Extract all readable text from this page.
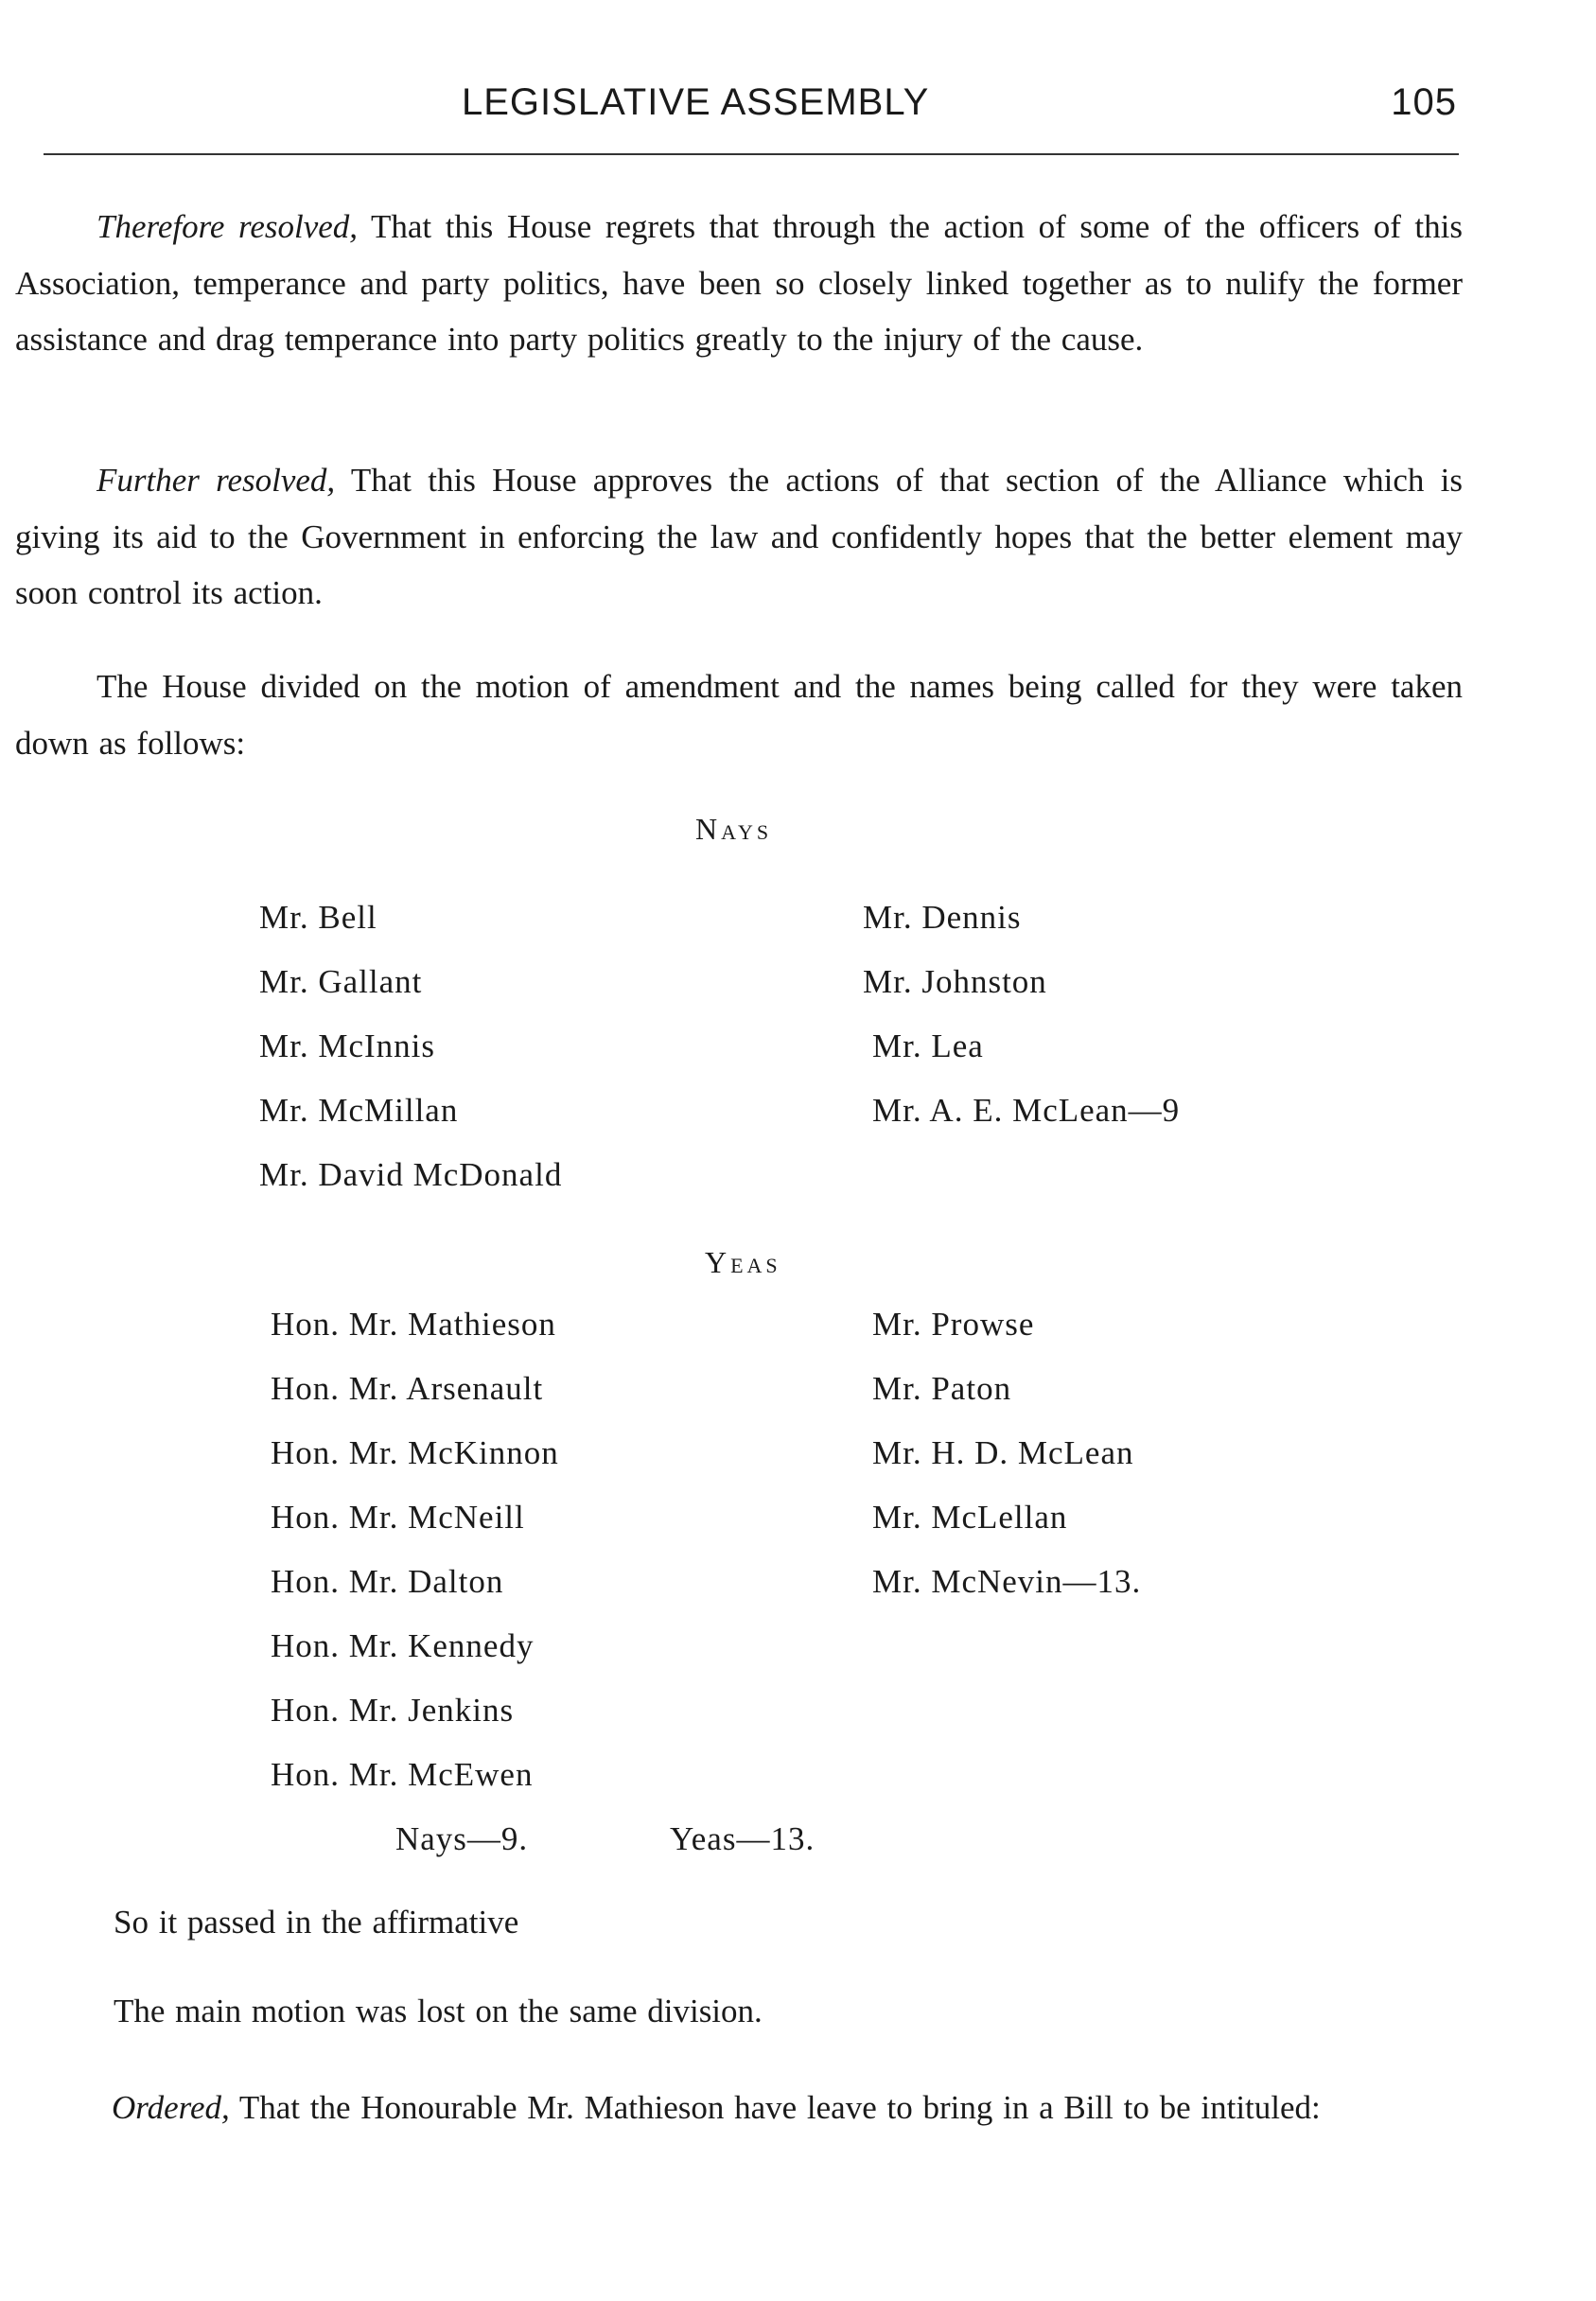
LEGISLATIVE ASSEMBLY	105
Therefore resolved, That this House regrets that through the action of some of the officers of this Association, temperance and party politics, have been so closely linked together as to nulify the former assistance and drag temperance into party politics greatly to the injury of the cause.
Further resolved, That this House approves the actions of that section of the Alliance which is giving its aid to the Government in enforcing the law and confidently hopes that the better element may soon control its action.
The House divided on the motion of amendment and the names being called for they were taken down as follows:
Nays
Mr. Bell
Mr. Gallant
Mr. McInnis
Mr. McMillan
Mr. David McDonald
Mr. Dennis
Mr. Johnston
Mr. Lea
Mr. A. E. McLean—9
Yeas
Hon. Mr. Mathieson
Hon. Mr. Arsenault
Hon. Mr. McKinnon
Hon. Mr. McNeill
Hon. Mr. Dalton
Hon. Mr. Kennedy
Hon. Mr. Jenkins
Hon. Mr. McEwen
Mr. Prowse
Mr. Paton
Mr. H. D. McLean
Mr. McLellan
Mr. McNevin—13.
Nays—9.	Yeas—13.
So it passed in the affirmative
The main motion was lost on the same division.
Ordered, That the Honourable Mr. Mathieson have leave to bring in a Bill to be intituled:
